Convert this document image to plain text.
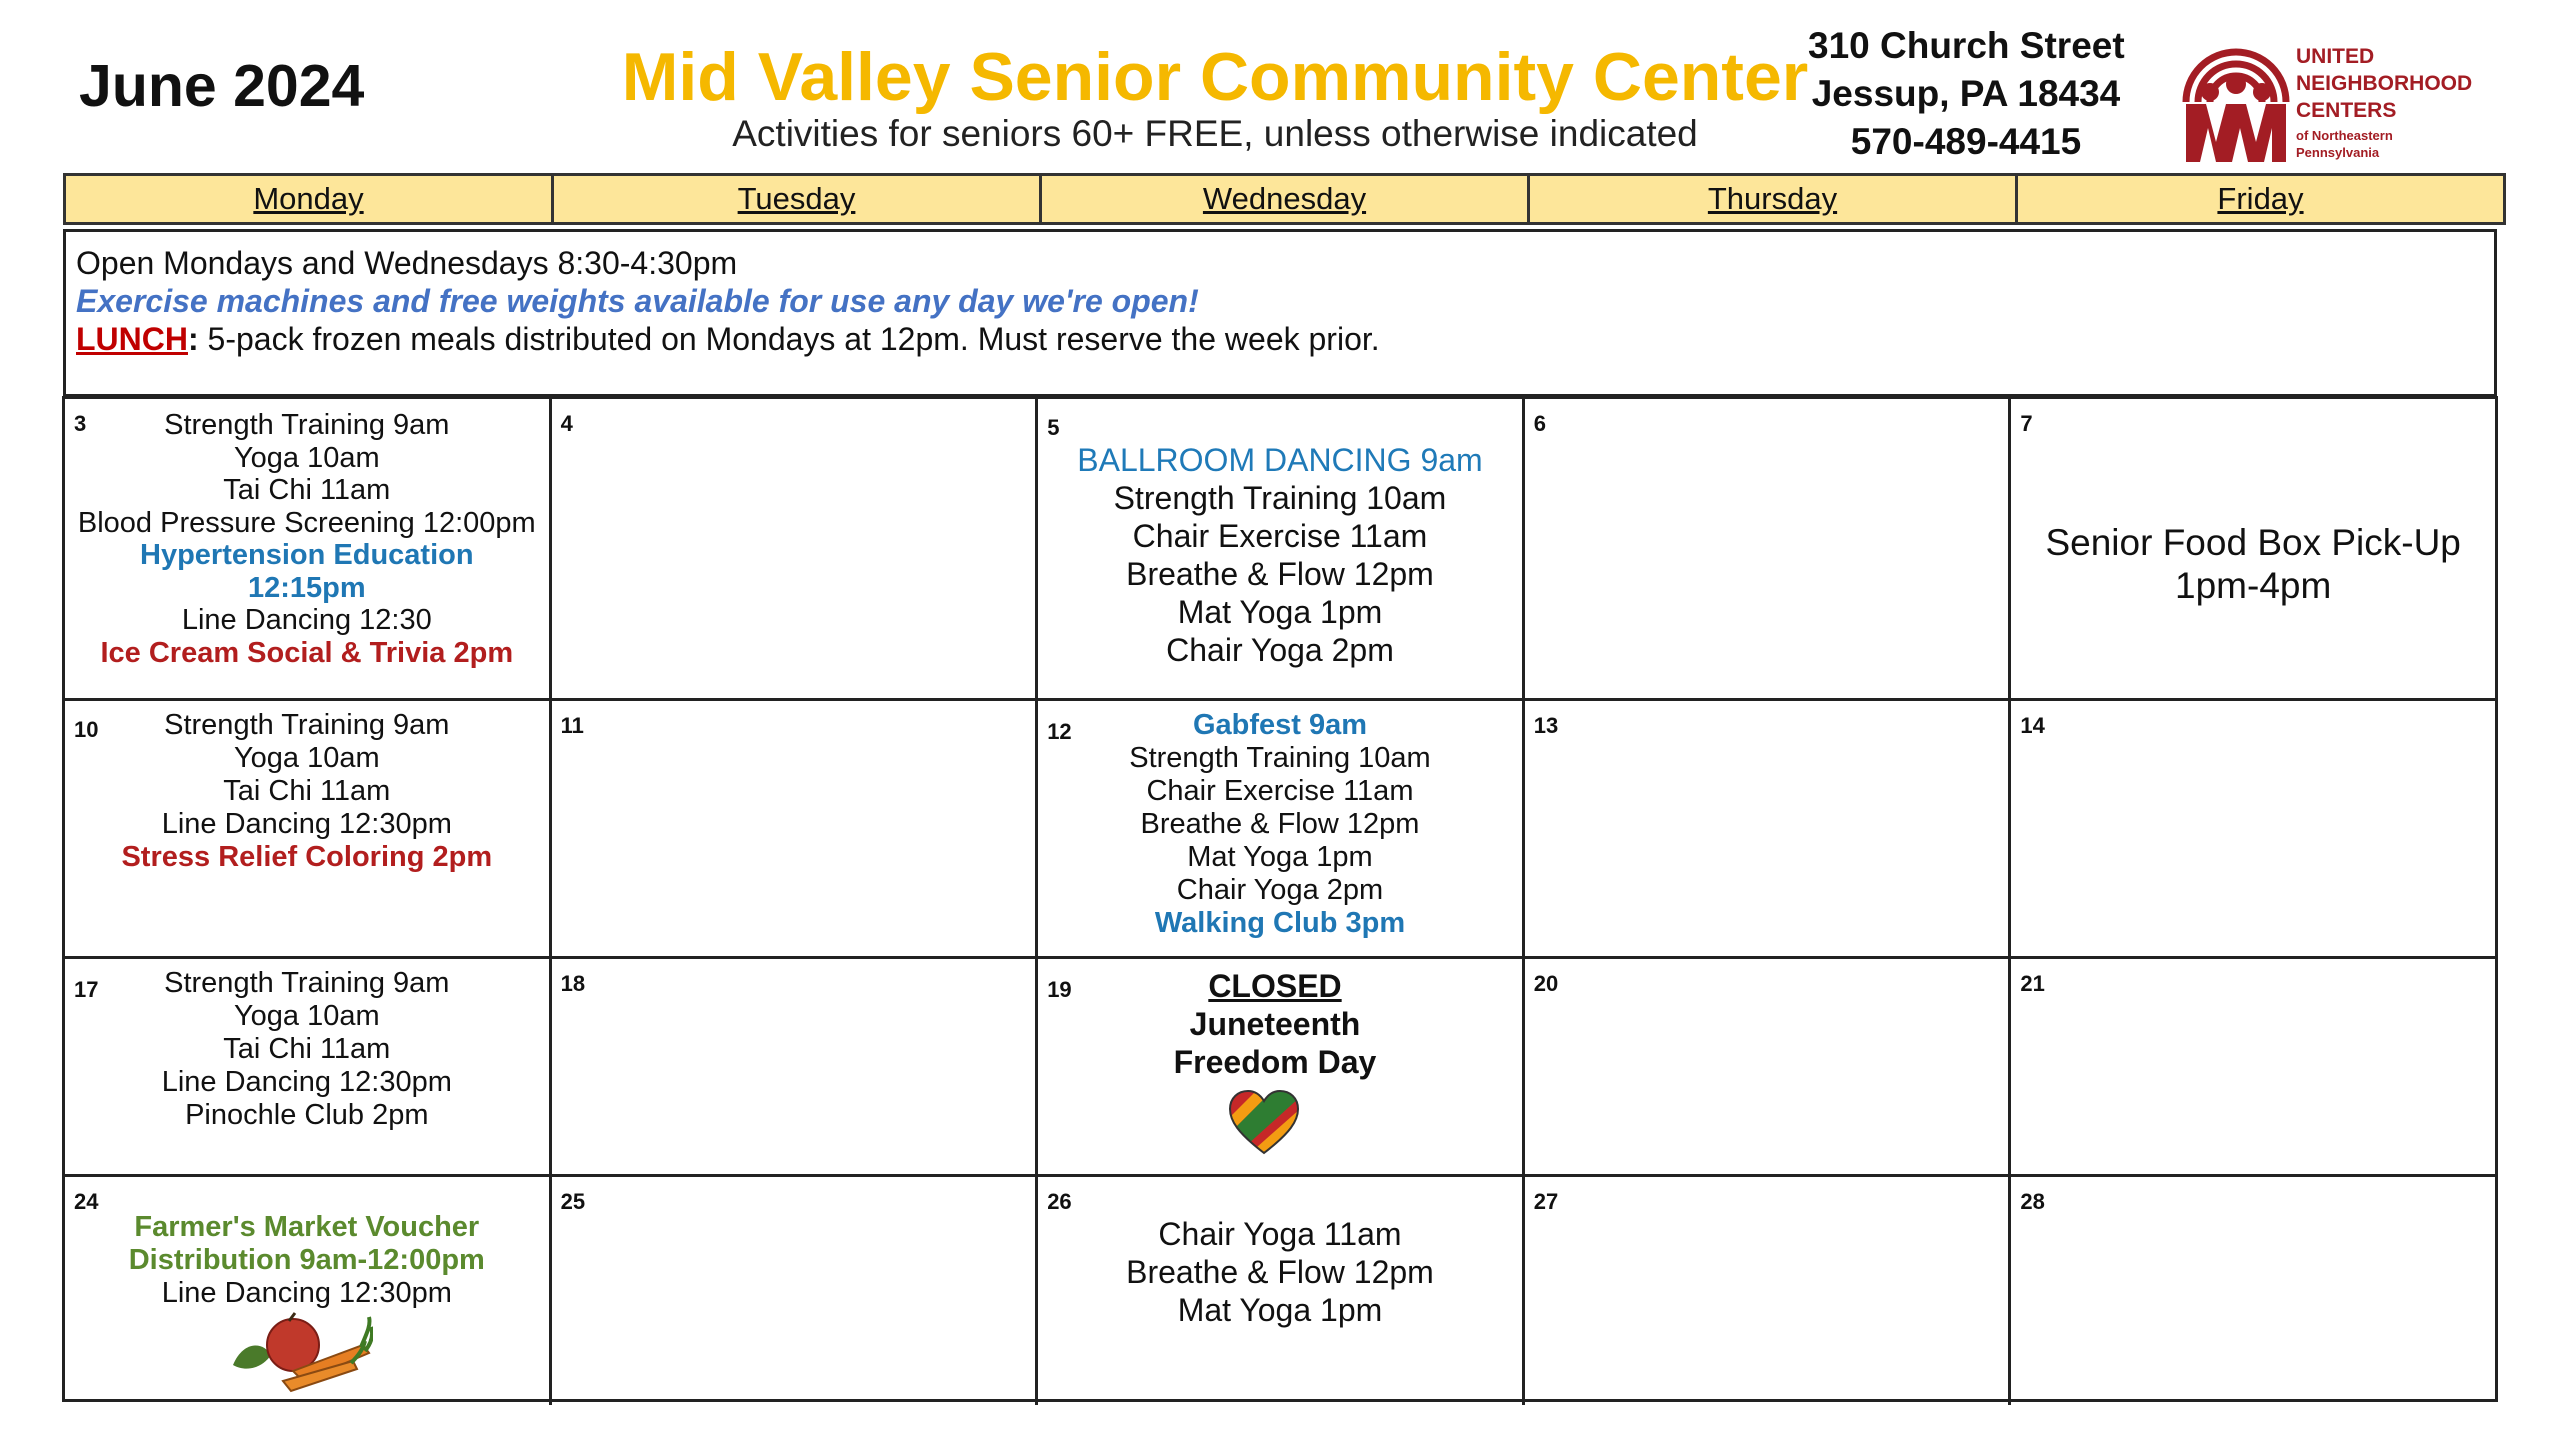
June 2024	Mid Valley Senior Community Center
Activities for seniors 60+ FREE, unless otherwise indicated
310 Church Street
Jessup, PA 18434
570-489-4415
UNITED
NEIGHBORHOOD
CENTERS
of Northeastern
Pennsylvania
Monday	Tuesday	Wednesday	Thursday	Friday
Open Mondays and Wednesdays 8:30-4:30pm
Exercise machines and free weights available for use any day we're open!
LUNCH: 5-pack frozen meals distributed on Mondays at 12pm. Must reserve the week prior.
3	Strength Training 9am
Yoga 10am
Tai Chi 11am
Blood Pressure Screening 12:00pm
Hypertension Education
12:15pm
Line Dancing 12:30
Ice Cream Social & Trivia 2pm
4	5
BALLROOM DANCING 9am
Strength Training 10am
Chair Exercise 11am
Breathe & Flow 12pm
Mat Yoga 1pm
Chair Yoga 2pm
6	7
Senior Food Box Pick-Up
1pm-4pm
10	Strength Training 9am
Yoga 10am
Tai Chi 11am
Line Dancing 12:30pm
Stress Relief Coloring 2pm
11	12	Gabfest 9am
Strength Training 10am
Chair Exercise 11am
Breathe & Flow 12pm
Mat Yoga 1pm
Chair Yoga 2pm
Walking Club 3pm
13	14
17	Strength Training 9am
Yoga 10am
Tai Chi 11am
Line Dancing 12:30pm
Pinochle Club 2pm
18	19	CLOSED
Juneteenth
Freedom Day
20	21
24
Farmer's Market Voucher
Distribution 9am-12:00pm
Line Dancing 12:30pm
25	26
Chair Yoga 11am
Breathe & Flow 12pm
Mat Yoga 1pm
27	28
